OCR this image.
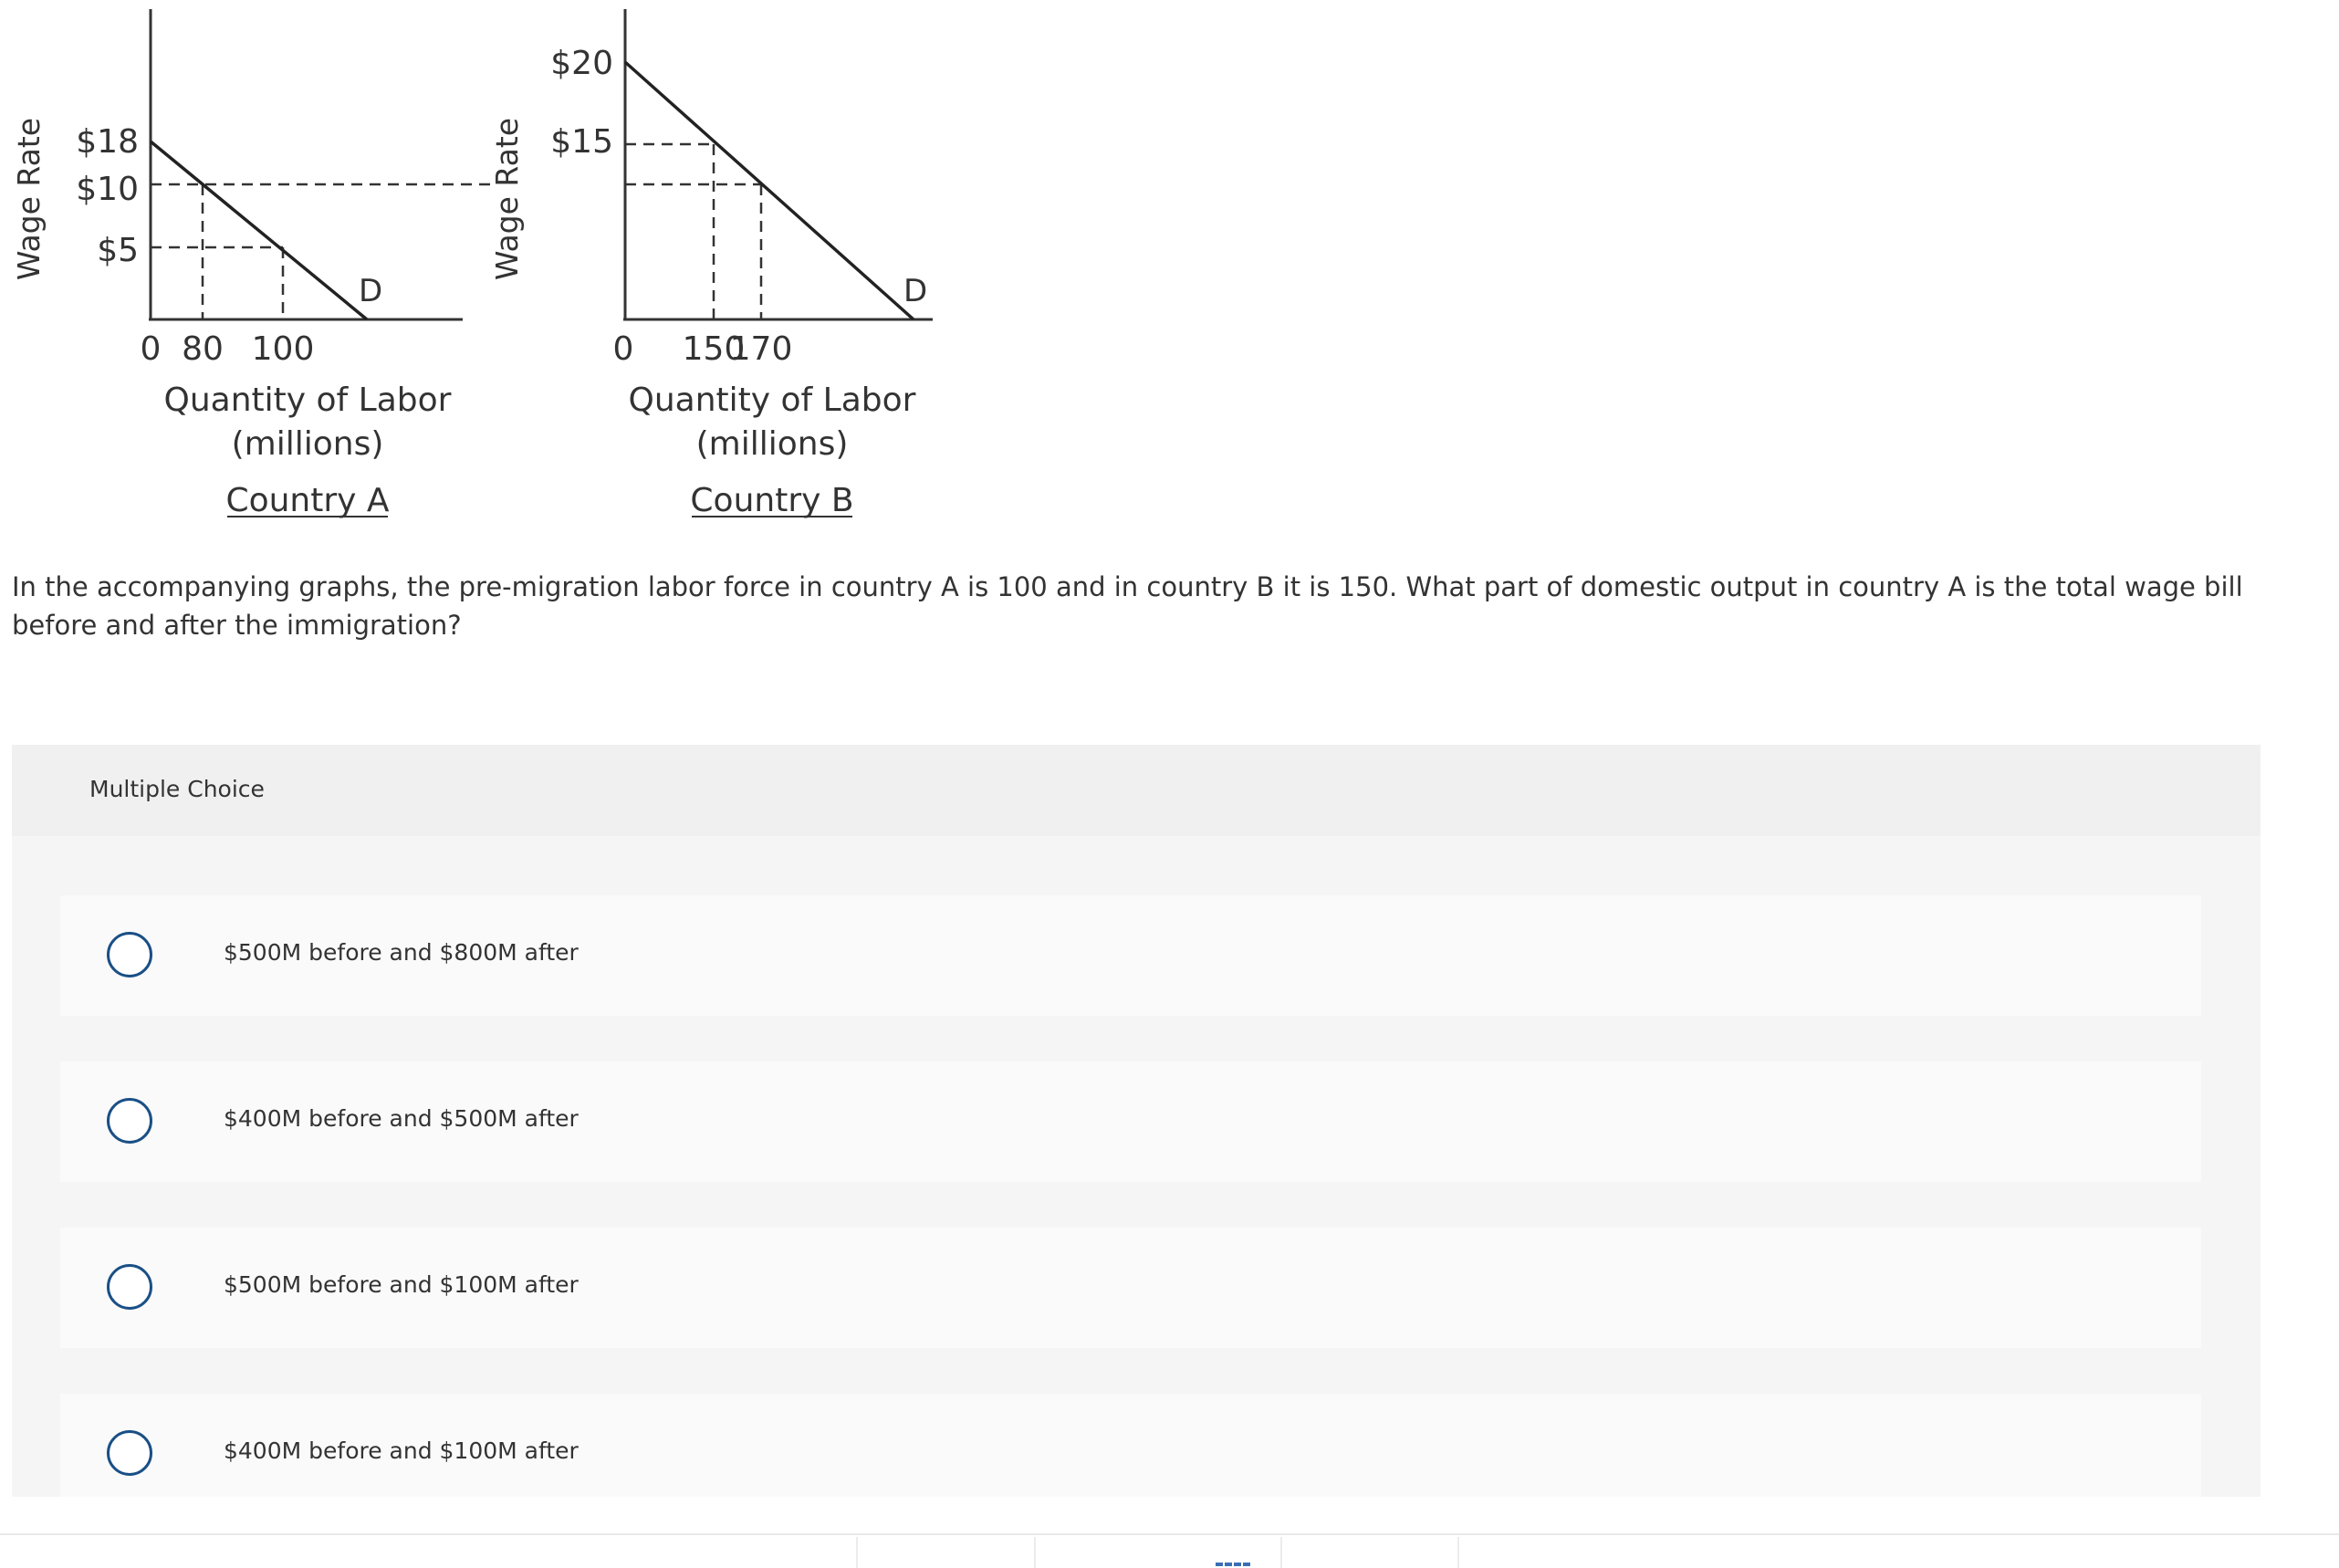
Wage Rate
D
$18
$10
$5
0 80 100
Quantity of Labor
(millions)
Country A
Wage Rate
D
$20
$15
0 150
170
Quantity of Labor
(millions)
Country B
In the accompanying graphs, the pre-migration labor force in country A is 100 and in country B it is 150. What part of domestic output in country A is the total wage bill before and after the immigration?
Multiple Choice
$500M before and $800M after
$400M before and $500M after
$500M before and $100M after
$400M before and $100M after
